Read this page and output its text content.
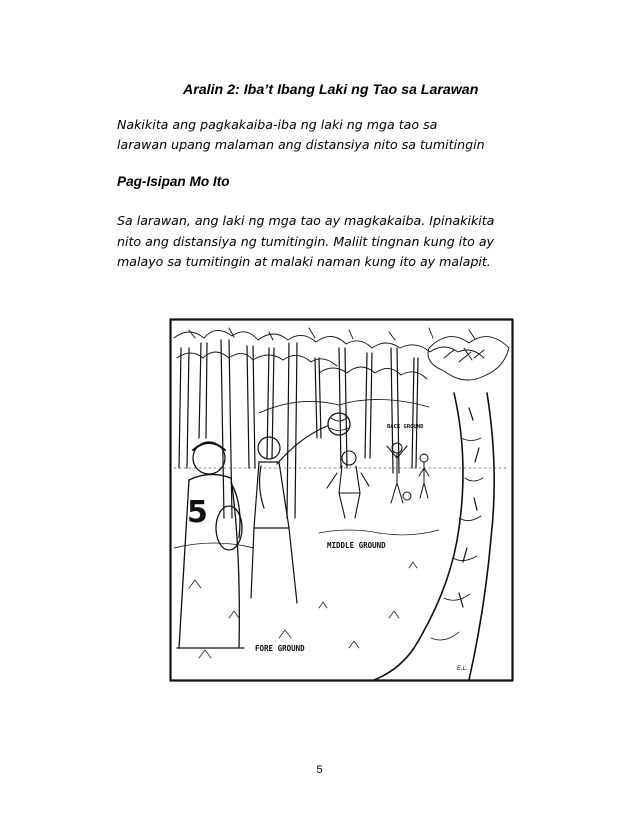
Aralin 2: Iba’t Ibang Laki ng Tao sa Larawan
Nakikita ang pagkakaiba-iba ng laki ng mga tao sa
larawan upang malaman ang distansiya nito sa tumitingin
Pag-Isipan Mo Ito
Sa larawan, ang laki ng mga tao ay magkakaiba. Ipinakikita
nito ang distansiya ng tumitingin. Maliit tingnan kung ito ay
malayo sa tumitingin at malaki naman kung ito ay malapit.
MIDDLE GROUND
BACK GROUND
FORE GROUND
5
E.L.
5
